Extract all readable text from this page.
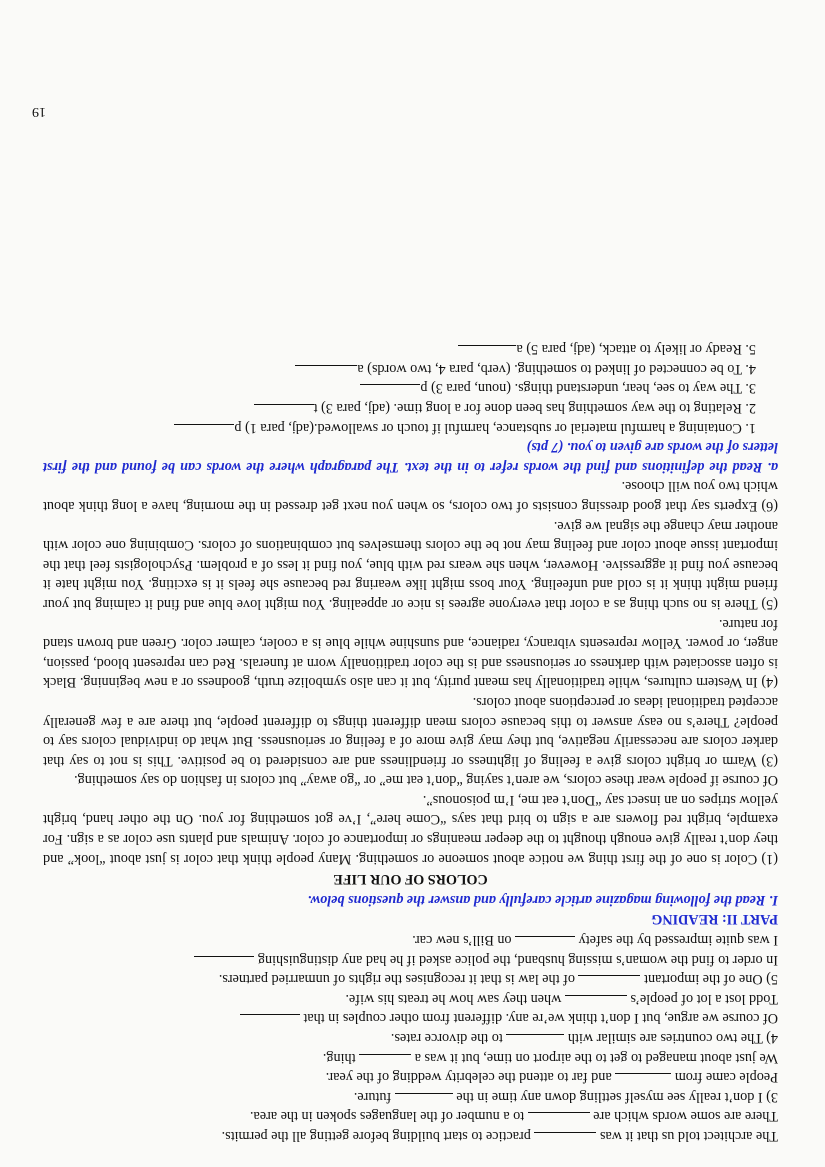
The architect told us that it was  practice to start building before getting all the permits.

There are some words which are  to a number of the languages spoken in the area.

3) I don’t really see myself settling down any time in the  future.

People came from  and far to attend the celebrity wedding of the year.

We just about managed to get to the airport on time, but it was a  thing.

4) The two countries are similar with  to the divorce rates.

Of course we argue, but I don’t think we’re any. different from other couples in that

Todd lost a lot of people’s  when they saw how he treats his wife.

5) One of the important  of the law is that it recognises the rights of unmarried partners.

In order to find the woman’s missing husband, the police asked if he had any distinguishing

I was quite impressed by the safety  on Bill’s new car.

PART II: READING

I. Read the following magazine article carefully and answer the questions below.

COLORS OF OUR LIFE

(1) Color is one of the first thing we notice about someone or something. Many people think that color is just about “look” and they don’t really give enough thought to the deeper meanings or importance of color. Animals and plants use color as a sign. For example, bright red flowers are a sign to bird that says “Come here”, I’ve got something for you. On the other hand, bright yellow stripes on an insect say “Don’t eat me, I’m poisonous”.

Of course if people wear these colors, we aren’t saying “don’t eat me” or “go away” but colors in fashion do say something.

(3) Warm or bright colors give a feeling of lightness or friendliness and are considered to be positive. This is not to say that darker colors are necessarily negative, but they may give more of a feeling or seriousness. But what do individual colors say to people? There’s no easy answer to this because colors mean different things to different people, but there are a few generally accepted traditional ideas or perceptions about colors.

(4) In Western cultures, while traditionally has meant purity, but it can also symbolize truth, goodness or a new beginning. Black is often associated with darkness or seriousness and is the color traditionally worn at funerals. Red can represent blood, passion, anger, or power. Yellow represents vibrancy, radiance, and sunshine while blue is a cooler, calmer color. Green and brown stand for nature.

(5) There is no such thing as a color that everyone agrees is nice or appealing. You might love blue and find it calming but your friend might think it is cold and unfeeling. Your boss might like wearing red because she feels it is exciting. You might hate it because you find it aggressive. However, when she wears red with blue, you find it less of a problem. Psychologists feel that the important issue about color and feeling may not be the colors themselves but combinations of colors. Combining one color with another may change the signal we give.

(6) Experts say that good dressing consists of two colors, so when you next get dressed in the morning, have a long think about which two you will choose.

a. Read the definitions and find the words refer to in the text. The paragraph where the words can be found and the first letters of the words are given to you. (7 pts)

1. Containing a harmful material or substance, harmful if touch or swallowed.(adj, para 1) p

2. Relating to the way something has been done for a long time. (adj, para 3) t

3. The way to see, hear, understand things. (noun, para 3) p

4. To be connected of linked to something. (verb, para 4, two words) a

5. Ready or likely to attack, (adj, para 5) a

19
